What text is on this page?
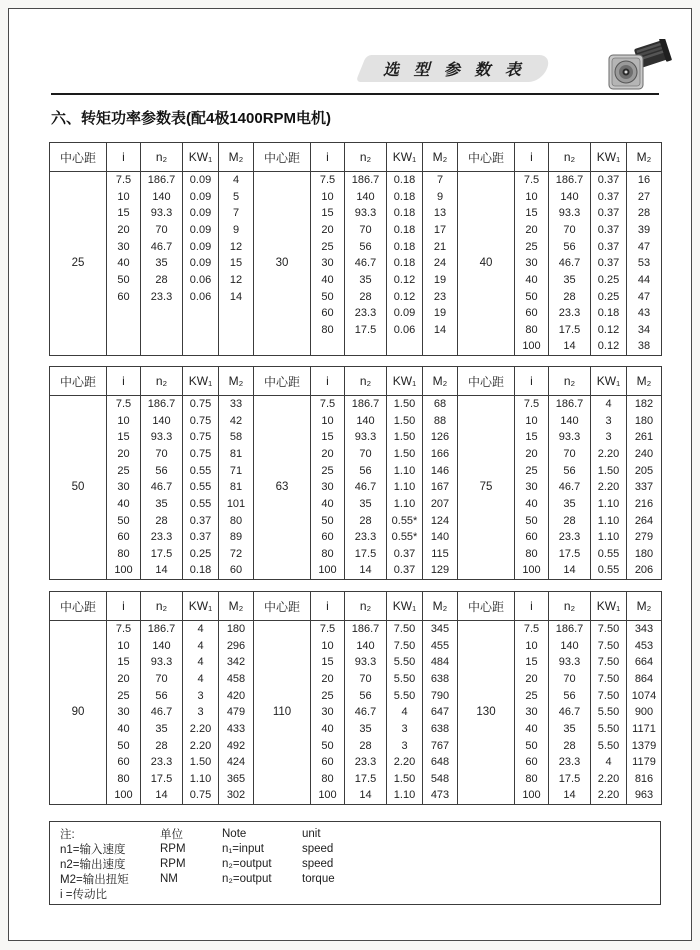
选 型 参 数 表
六、转矩功率参数表(配4极1400RPM电机)
中心距	i	n₂	KW₁	M₂	中心距	i	n₂	KW₁	M₂	中心距	i	n₂	KW₁	M₂
25	7.5	186.7	0.09	4	30	7.5	186.7	0.18	7	40	7.5	186.7	0.37	16
	10	140	0.09	5		10	140	0.18	9		10	140	0.37	27
	15	93.3	0.09	7		15	93.3	0.18	13		15	93.3	0.37	28
	20	70	0.09	9		20	70	0.18	17		20	70	0.37	39
	30	46.7	0.09	12		25	56	0.18	21		25	56	0.37	47
	40	35	0.09	15		30	46.7	0.18	24		30	46.7	0.37	53
	50	28	0.06	12		40	35	0.12	19		40	35	0.25	44
	60	23.3	0.06	14		50	28	0.12	23		50	28	0.25	47
						60	23.3	0.09	19		60	23.3	0.18	43
						80	17.5	0.06	14		80	17.5	0.12	34
											100	14	0.12	38
中心距	i	n₂	KW₁	M₂	中心距	i	n₂	KW₁	M₂	中心距	i	n₂	KW₁	M₂
50	7.5	186.7	0.75	33	63	7.5	186.7	1.50	68	75	7.5	186.7	4	182
	10	140	0.75	42		10	140	1.50	88		10	140	3	180
	15	93.3	0.75	58		15	93.3	1.50	126		15	93.3	3	261
	20	70	0.75	81		20	70	1.50	166		20	70	2.20	240
	25	56	0.55	71		25	56	1.10	146		25	56	1.50	205
	30	46.7	0.55	81		30	46.7	1.10	167		30	46.7	2.20	337
	40	35	0.55	101		40	35	1.10	207		40	35	1.10	216
	50	28	0.37	80		50	28	0.55*	124		50	28	1.10	264
	60	23.3	0.37	89		60	23.3	0.55*	140		60	23.3	1.10	279
	80	17.5	0.25	72		80	17.5	0.37	115		80	17.5	0.55	180
	100	14	0.18	60		100	14	0.37	129		100	14	0.55	206
中心距	i	n₂	KW₁	M₂	中心距	i	n₂	KW₁	M₂	中心距	i	n₂	KW₁	M₂
90	7.5	186.7	4	180	110	7.5	186.7	7.50	345	130	7.5	186.7	7.50	343
	10	140	4	296		10	140	7.50	455		10	140	7.50	453
	15	93.3	4	342		15	93.3	5.50	484		15	93.3	7.50	664
	20	70	4	458		20	70	5.50	638		20	70	7.50	864
	25	56	3	420		25	56	5.50	790		25	56	7.50	1074
	30	46.7	3	479		30	46.7	4	647		30	46.7	5.50	900
	40	35	2.20	433		40	35	3	638		40	35	5.50	1171
	50	28	2.20	492		50	28	3	767		50	28	5.50	1379
	60	23.3	1.50	424		60	23.3	2.20	648		60	23.3	4	1179
	80	17.5	1.10	365		80	17.5	1.50	548		80	17.5	2.20	816
	100	14	0.75	302		100	14	1.10	473		100	14	2.20	963
注:	单位	Note	unit
n1=输入速度	RPM	n₁=input	speed
n2=输出速度	RPM	n₂=output	speed
M2=输出扭矩	NM	n₂=output	torque
i =传动比
